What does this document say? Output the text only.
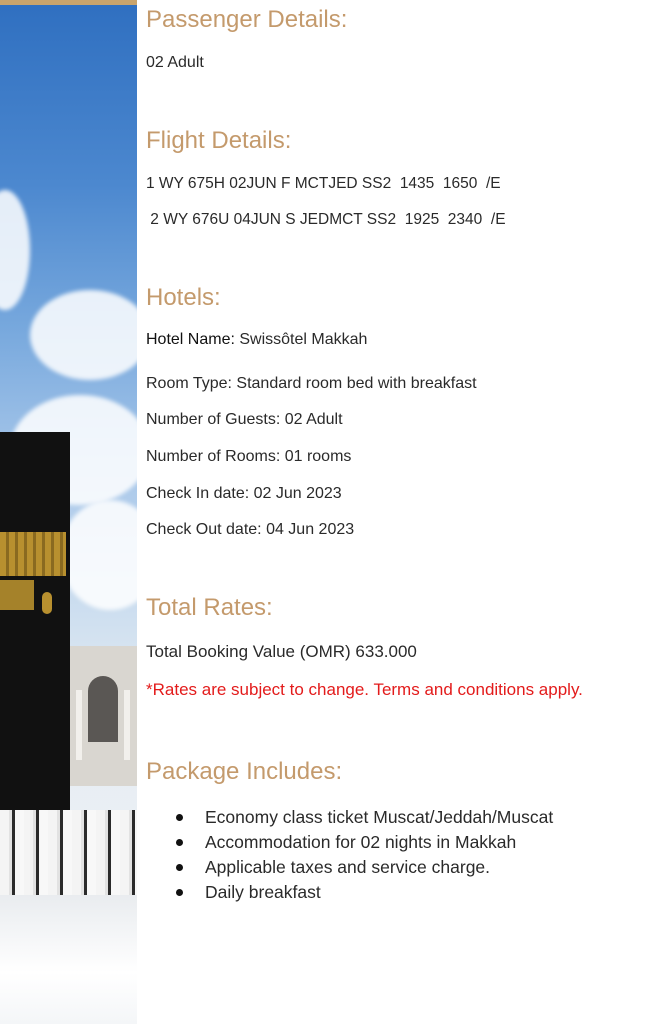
Passenger Details:

02 Adult

Flight Details:

1 WY 675H 02JUN F MCTJED SS2  1435  1650  /E

2 WY 676U 04JUN S JEDMCT SS2  1925  2340  /E

Hotels:

Hotel Name: Swissôtel Makkah

Room Type: Standard room bed with breakfast

Number of Guests: 02 Adult

Number of Rooms: 01 rooms

Check In date: 02 Jun 2023

Check Out date: 04 Jun 2023

Total Rates:

Total Booking Value (OMR) 633.000

*Rates are subject to change. Terms and conditions apply.

Package Includes:
Economy class ticket Muscat/Jeddah/Muscat
Accommodation for 02 nights in Makkah
Applicable taxes and service charge.
Daily breakfast
